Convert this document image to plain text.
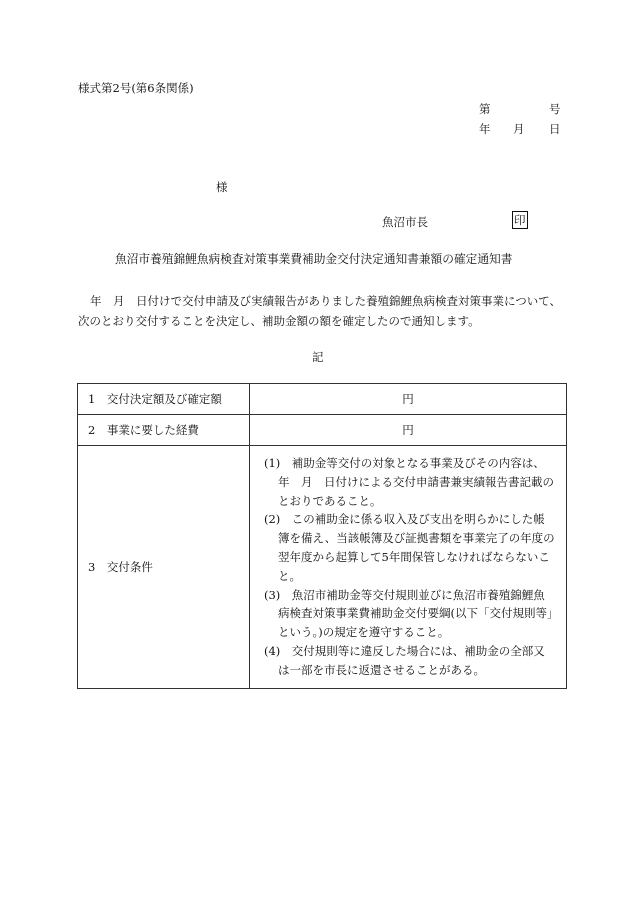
様式第2号(第6条関係)
第	号
年 月 日
様
魚沼市長	印
魚沼市養殖錦鯉魚病検査対策事業費補助金交付決定通知書兼額の確定通知書
年　月　日付けで交付申請及び実績報告がありました養殖錦鯉魚病検査対策事業について、次のとおり交付することを決定し、補助金額の額を確定したので通知します。
記
1　交付決定額及び確定額	円
2　事業に要した経費	円
3　交付条件	(1)　補助金等交付の対象となる事業及びその内容は、年　月　日付けによる交付申請書兼実績報告書記載のとおりであること。
(2)　この補助金に係る収入及び支出を明らかにした帳簿を備え、当該帳簿及び証拠書類を事業完了の年度の翌年度から起算して5年間保管しなければならないこと。
(3)　魚沼市補助金等交付規則並びに魚沼市養殖錦鯉魚病検査対策事業費補助金交付要綱(以下「交付規則等」という。)の規定を遵守すること。
(4)　交付規則等に違反した場合には、補助金の全部又は一部を市長に返還させることがある。
